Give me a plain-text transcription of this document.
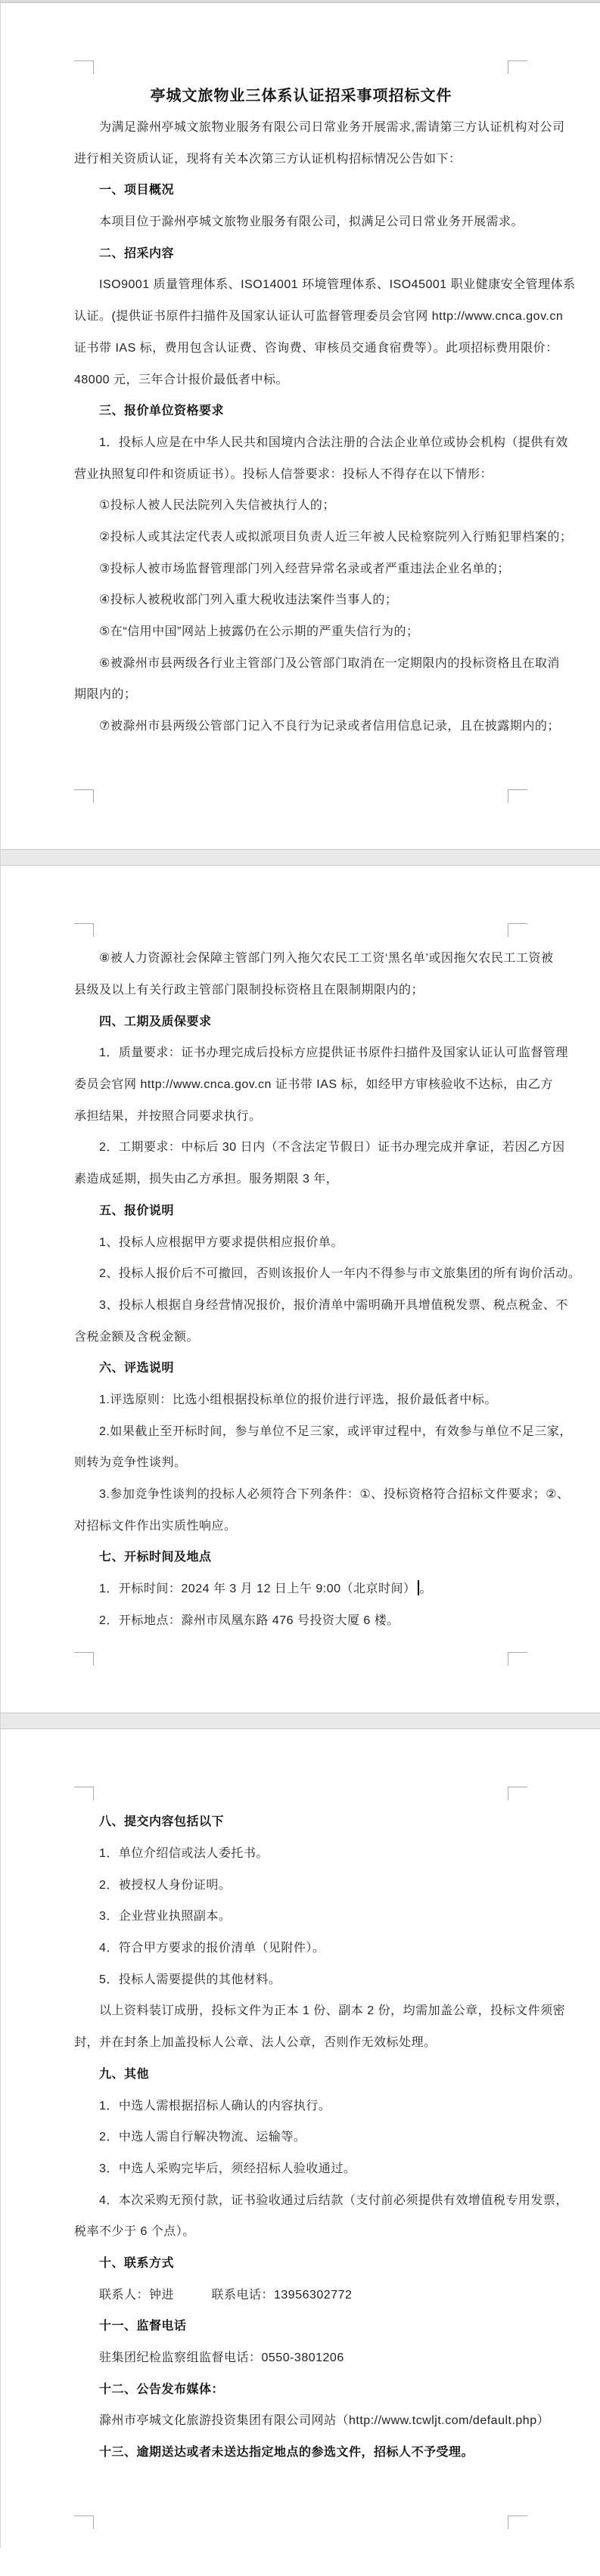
亭城文旅物业三体系认证招采事项招标文件
为满足滁州亭城文旅物业服务有限公司日常业务开展需求,需请第三方认证机构对公司
进行相关资质认证，现将有关本次第三方认证机构招标情况公告如下：
一、项目概况
本项目位于滁州亭城文旅物业服务有限公司，拟满足公司日常业务开展需求。
二、招采内容
ISO9001 质量管理体系、ISO14001 环境管理体系、ISO45001 职业健康安全管理体系
认证。(提供证书原件扫描件及国家认证认可监督管理委员会官网 http://www.cnca.gov.cn
证书带 IAS 标，费用包含认证费、咨询费、审核员交通食宿费等）。此项招标费用限价：
48000 元，三年合计报价最低者中标。
三、报价单位资格要求
1．投标人应是在中华人民共和国境内合法注册的合法企业单位或协会机构（提供有效
营业执照复印件和资质证书）。投标人信誉要求：投标人不得存在以下情形：
①投标人被人民法院列入失信被执行人的；
②投标人或其法定代表人或拟派项目负责人近三年被人民检察院列入行贿犯罪档案的；
③投标人被市场监督管理部门列入经营异常名录或者严重违法企业名单的；
④投标人被税收部门列入重大税收违法案件当事人的；
⑤在“信用中国”网站上披露仍在公示期的严重失信行为的；
⑥被滁州市县两级各行业主管部门及公管部门取消在一定期限内的投标资格且在取消
期限内的；
⑦被滁州市县两级公管部门记入不良行为记录或者信用信息记录，且在披露期内的；
⑧被人力资源社会保障主管部门列入拖欠农民工工资‘黑名单’或因拖欠农民工工资被
县级及以上有关行政主管部门限制投标资格且在限制期限内的；
四、工期及质保要求
1．质量要求：证书办理完成后投标方应提供证书原件扫描件及国家认证认可监督管理
委员会官网 http://www.cnca.gov.cn 证书带 IAS 标，如经甲方审核验收不达标，由乙方
承担结果，并按照合同要求执行。
2．工期要求：中标后 30 日内（不含法定节假日）证书办理完成并拿证，若因乙方因
素造成延期，损失由乙方承担。服务期限 3 年，
五、报价说明
1、投标人应根据甲方要求提供相应报价单。
2、投标人报价后不可撤回，否则该报价人一年内不得参与市文旅集团的所有询价活动。
3、投标人根据自身经营情况报价，报价清单中需明确开具增值税发票、税点税金、不
含税金额及含税金额。
六、评选说明
1.评选原则：比选小组根据投标单位的报价进行评选，报价最低者中标。
2.如果截止至开标时间，参与单位不足三家，或评审过程中，有效参与单位不足三家，
则转为竞争性谈判。
3.参加竞争性谈判的投标人必须符合下列条件：①、投标资格符合招标文件要求；②、
对招标文件作出实质性响应。
七、开标时间及地点
1．开标时间：2024 年 3 月 12 日上午 9:00（北京时间） 。
2．开标地点：滁州市凤凰东路 476 号投资大厦 6 楼。
八、提交内容包括以下
1．单位介绍信或法人委托书。
2．被授权人身份证明。
3．企业营业执照副本。
4．符合甲方要求的报价清单（见附件）。
5．投标人需要提供的其他材料。
以上资料装订成册，投标文件为正本 1 份、副本 2 份，均需加盖公章，投标文件须密
封，并在封条上加盖投标人公章、法人公章，否则作无效标处理。
九、其他
1．中选人需根据招标人确认的内容执行。
2．中选人需自行解决物流、运输等。
3．中选人采购完毕后，须经招标人验收通过。
4．本次采购无预付款，证书验收通过后结款（支付前必须提供有效增值税专用发票，
税率不少于 6 个点）。
十、联系方式
联系人：钟进　　　联系电话：13956302772
十一、监督电话
驻集团纪检监察组监督电话：0550-3801206
十二、公告发布媒体：
滁州市亭城文化旅游投资集团有限公司网站（http://www.tcwljt.com/default.php）
十三、逾期送达或者未送达指定地点的参选文件，招标人不予受理。
